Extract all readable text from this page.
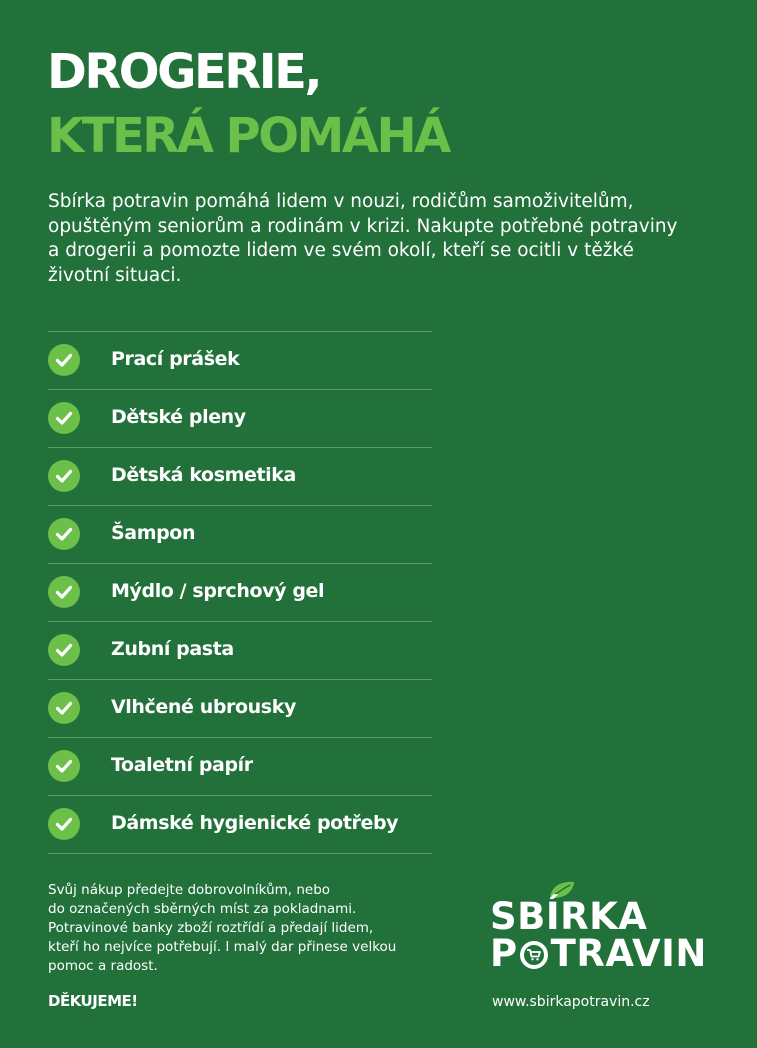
DROGERIE,
KTERÁ POMÁHÁ

Sbírka potravin pomáhá lidem v nouzi, rodičům samoživitelům, opuštěným seniorům a rodinám v krizi. Nakupte potřebné potraviny a drogerii a pomozte lidem ve svém okolí, kteří se ocitli v těžké životní situaci.

Prací prášek
Dětské pleny
Dětská kosmetika
Šampon
Mýdlo / sprchový gel
Zubní pasta
Vlhčené ubrousky
Toaletní papír
Dámské hygienické potřeby

Svůj nákup předejte dobrovolníkům, nebo
do označených sběrných míst za pokladnami.
Potravinové banky zboží roztřídí a předají lidem,
kteří ho nejvíce potřebují. I malý dar přinese velkou
pomoc a radost.

DĚKUJEME!

SBÍRKA
P TRAVIN

www.sbirkapotravin.cz
